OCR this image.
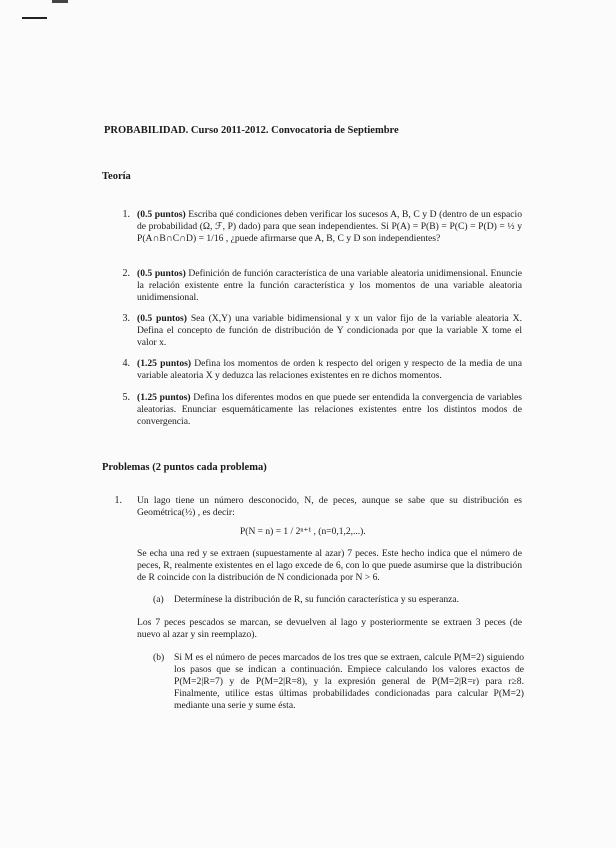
PROBABILIDAD. Curso 2011-2012. Convocatoria de Septiembre
Teoría
1. (0.5 puntos) Escriba qué condiciones deben verificar los sucesos A, B, C y D (dentro de un espacio de probabilidad (Ω, ℱ, P) dado) para que sean independientes. Si P(A) = P(B) = P(C) = P(D) = ½ y P(A∩B∩C∩D) = 1/16 , ¿puede afirmarse que A, B, C y D son independientes?
2. (0.5 puntos) Definición de función característica de una variable aleatoria unidimensional. Enuncie la relación existente entre la función característica y los momentos de una variable aleatoria unidimensional.
3. (0.5 puntos) Sea (X,Y) una variable bidimensional y x un valor fijo de la variable aleatoria X. Defina el concepto de función de distribución de Y condicionada por que la variable X tome el valor x.
4. (1.25 puntos) Defina los momentos de orden k respecto del origen y respecto de la media de una variable aleatoria X y deduzca las relaciones existentes en re dichos momentos.
5. (1.25 puntos) Defina los diferentes modos en que puede ser entendida la convergencia de variables aleatorias. Enunciar esquemáticamente las relaciones existentes entre los distintos modos de convergencia.
Problemas (2 puntos cada problema)
1. Un lago tiene un número desconocido, N, de peces, aunque se sabe que su distribución es Geométrica(½) , es decir:
P(N = n) = 1 / 2ⁿ⁺¹ , (n=0,1,2,...).
Se echa una red y se extraen (supuestamente al azar) 7 peces. Este hecho indica que el número de peces, R, realmente existentes en el lago excede de 6, con lo que puede asumirse que la distribución de R coincide con la distribución de N condicionada por N > 6.
(a)	Determínese la distribución de R, su función característica y su esperanza.
Los 7 peces pescados se marcan, se devuelven al lago y posteriormente se extraen 3 peces (de nuevo al azar y sin reemplazo).
(b)	Si M es el número de peces marcados de los tres que se extraen, calcule P(M=2) siguiendo los pasos que se indican a continuación. Empiece calculando los valores exactos de P(M=2|R=7) y de P(M=2|R=8), y la expresión general de P(M=2|R=r) para r≥8. Finalmente, utilice estas últimas probabilidades condicionadas para calcular P(M=2) mediante una serie y sume ésta.
